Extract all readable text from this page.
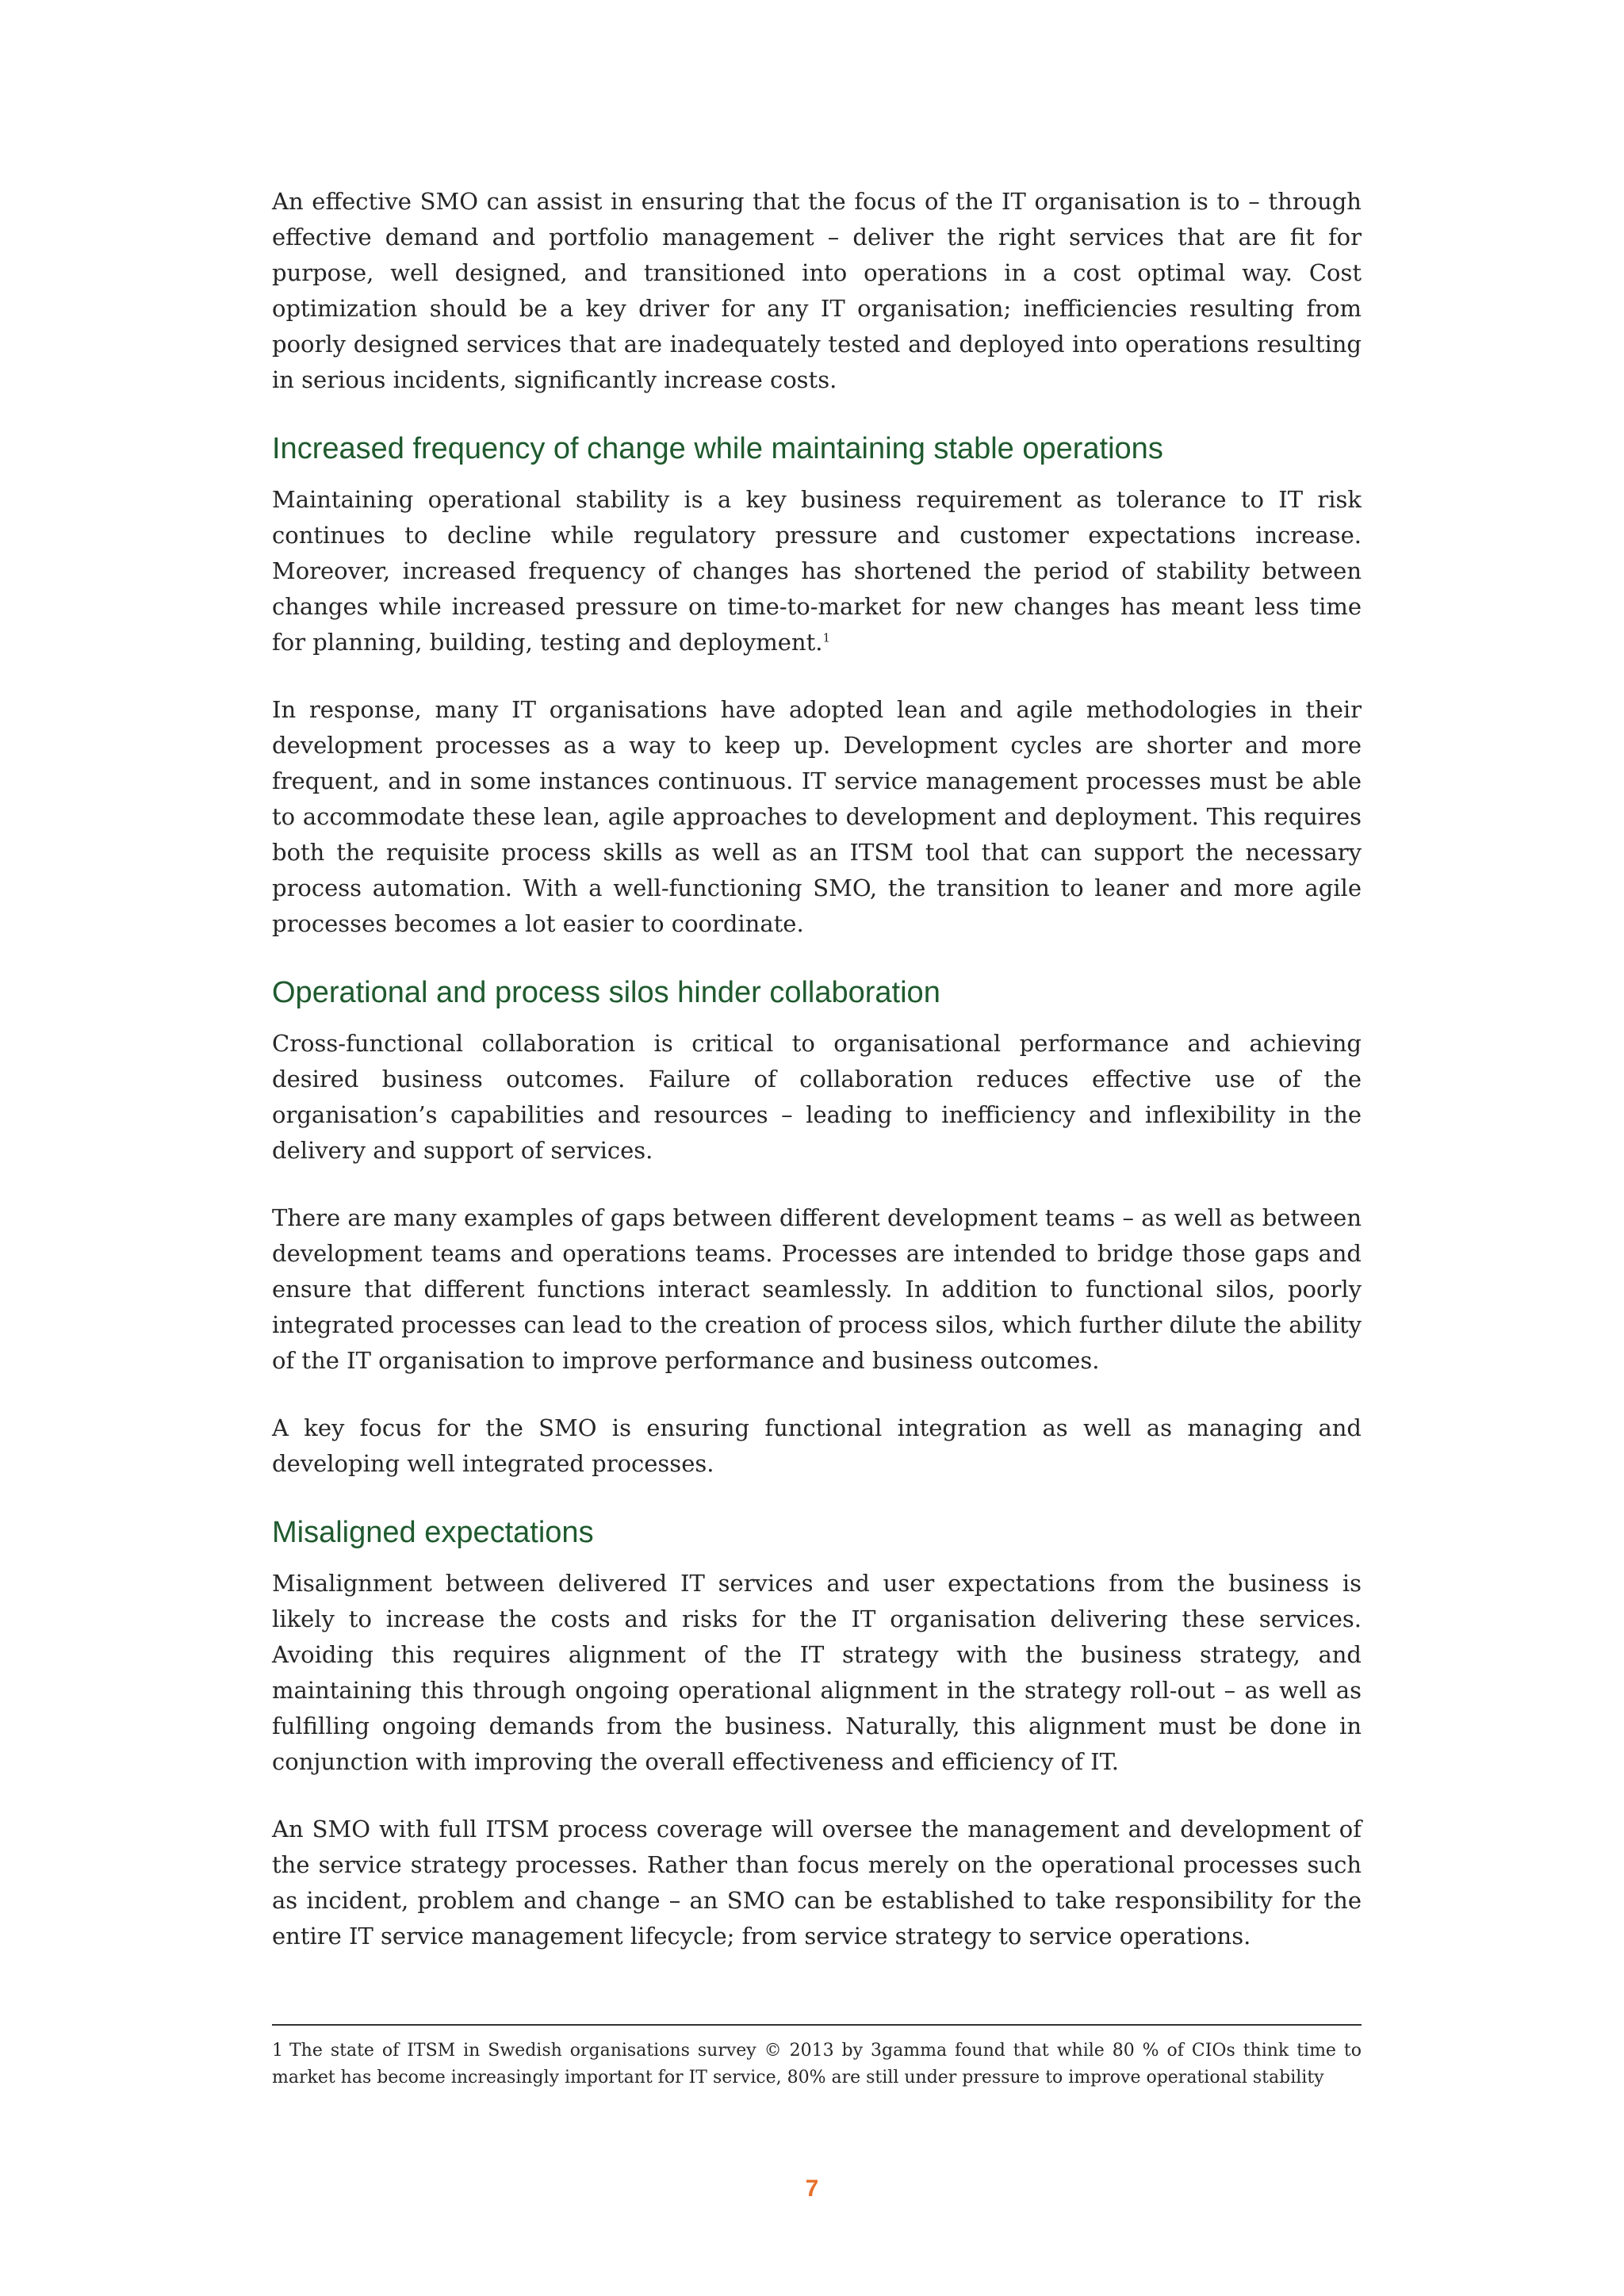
An effective SMO can assist in ensuring that the focus of the IT organisation is to – through effective demand and portfolio management – deliver the right services that are fit for purpose, well designed, and transitioned into operations in a cost optimal way. Cost optimization should be a key driver for any IT organisation; inefficiencies resulting from poorly designed services that are inadequately tested and deployed into operations resulting in serious incidents, significantly increase costs.

Increased frequency of change while maintaining stable operations

Maintaining operational stability is a key business requirement as tolerance to IT risk continues to decline while regulatory pressure and customer expectations increase. Moreover, increased frequency of changes has shortened the period of stability between changes while increased pressure on time-to-market for new changes has meant less time for planning, building, testing and deployment.$^1$

In response, many IT organisations have adopted lean and agile methodologies in their development processes as a way to keep up. Development cycles are shorter and more frequent, and in some instances continuous. IT service management processes must be able to accommodate these lean, agile approaches to development and deployment. This requires both the requisite process skills as well as an ITSM tool that can support the necessary process automation. With a well-functioning SMO, the transition to leaner and more agile processes becomes a lot easier to coordinate.

Operational and process silos hinder collaboration

Cross-functional collaboration is critical to organisational performance and achieving desired business outcomes. Failure of collaboration reduces effective use of the organisation’s capabilities and resources – leading to inefficiency and inflexibility in the delivery and support of services.

There are many examples of gaps between different development teams – as well as between development teams and operations teams. Processes are intended to bridge those gaps and ensure that different functions interact seamlessly. In addition to functional silos, poorly integrated processes can lead to the creation of process silos, which further dilute the ability of the IT organisation to improve performance and business outcomes.

A key focus for the SMO is ensuring functional integration as well as managing and developing well integrated processes.

Misaligned expectations

Misalignment between delivered IT services and user expectations from the business is likely to increase the costs and risks for the IT organisation delivering these services. Avoiding this requires alignment of the IT strategy with the business strategy, and maintaining this through ongoing operational alignment in the strategy roll-out – as well as fulfilling ongoing demands from the business. Naturally, this alignment must be done in conjunction with improving the overall effectiveness and efficiency of IT.

An SMO with full ITSM process coverage will oversee the management and development of the service strategy processes. Rather than focus merely on the operational processes such as incident, problem and change – an SMO can be established to take responsibility for the entire IT service management lifecycle; from service strategy to service operations.

1 The state of ITSM in Swedish organisations survey © 2013 by 3gamma found that while 80 % of CIOs think time to market has become increasingly important for IT service, 80% are still under pressure to improve operational stability
7
